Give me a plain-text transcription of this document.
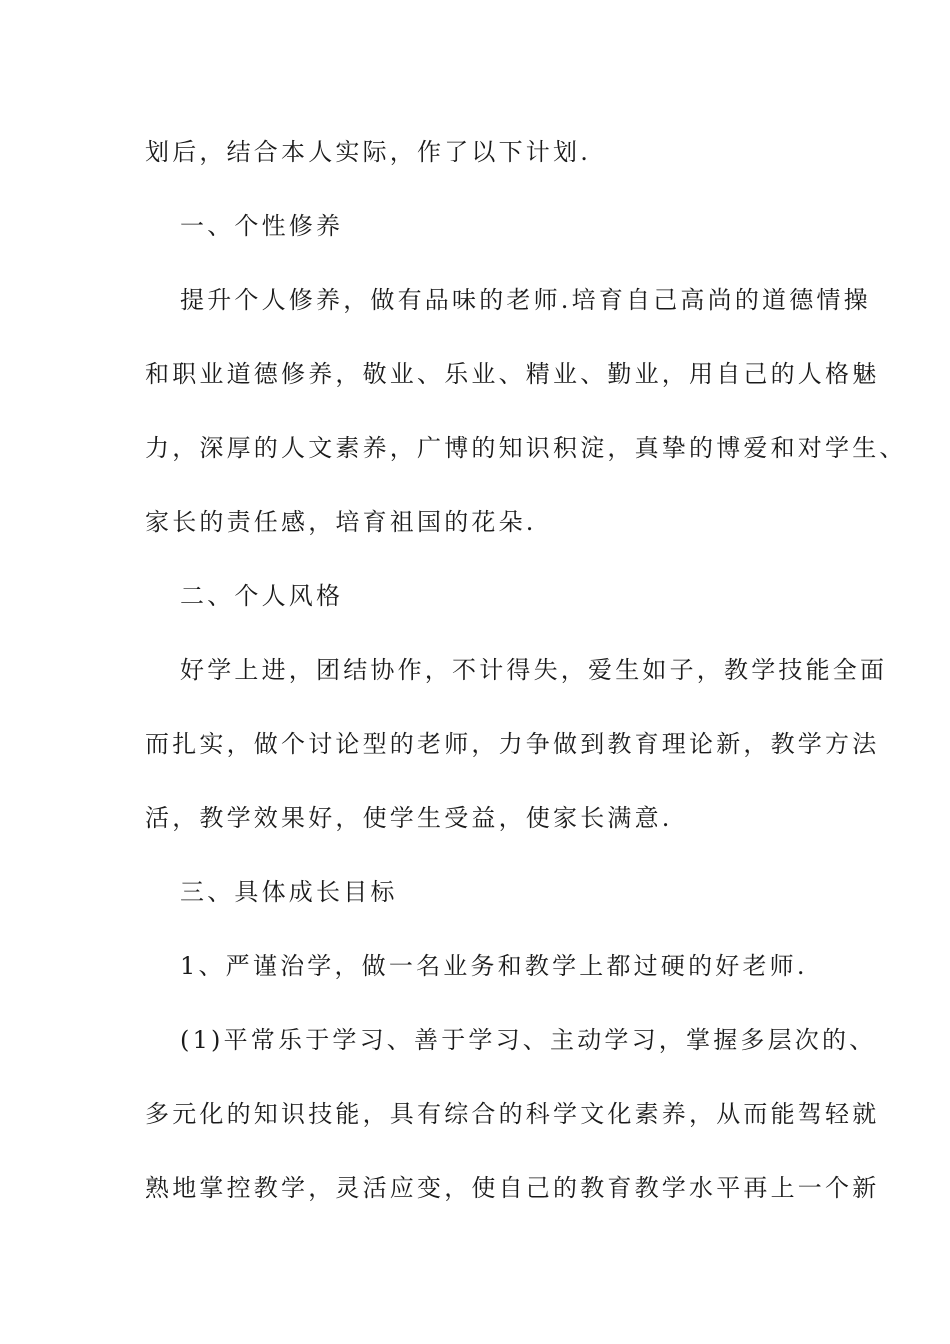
划后，结合本人实际，作了以下计划.
一、个性修养
提升个人修养，做有品味的老师.培育自己高尚的道德情操
和职业道德修养，敬业、乐业、精业、勤业，用自己的人格魅
力，深厚的人文素养，广博的知识积淀，真挚的博爱和对学生、
家长的责任感，培育祖国的花朵.
二、个人风格
好学上进，团结协作，不计得失，爱生如子，教学技能全面
而扎实，做个讨论型的老师，力争做到教育理论新，教学方法
活，教学效果好，使学生受益，使家长满意.
三、具体成长目标
1、严谨治学，做一名业务和教学上都过硬的好老师.
(1)平常乐于学习、善于学习、主动学习，掌握多层次的、
多元化的知识技能，具有综合的科学文化素养，从而能驾轻就
熟地掌控教学，灵活应变，使自己的教育教学水平再上一个新
